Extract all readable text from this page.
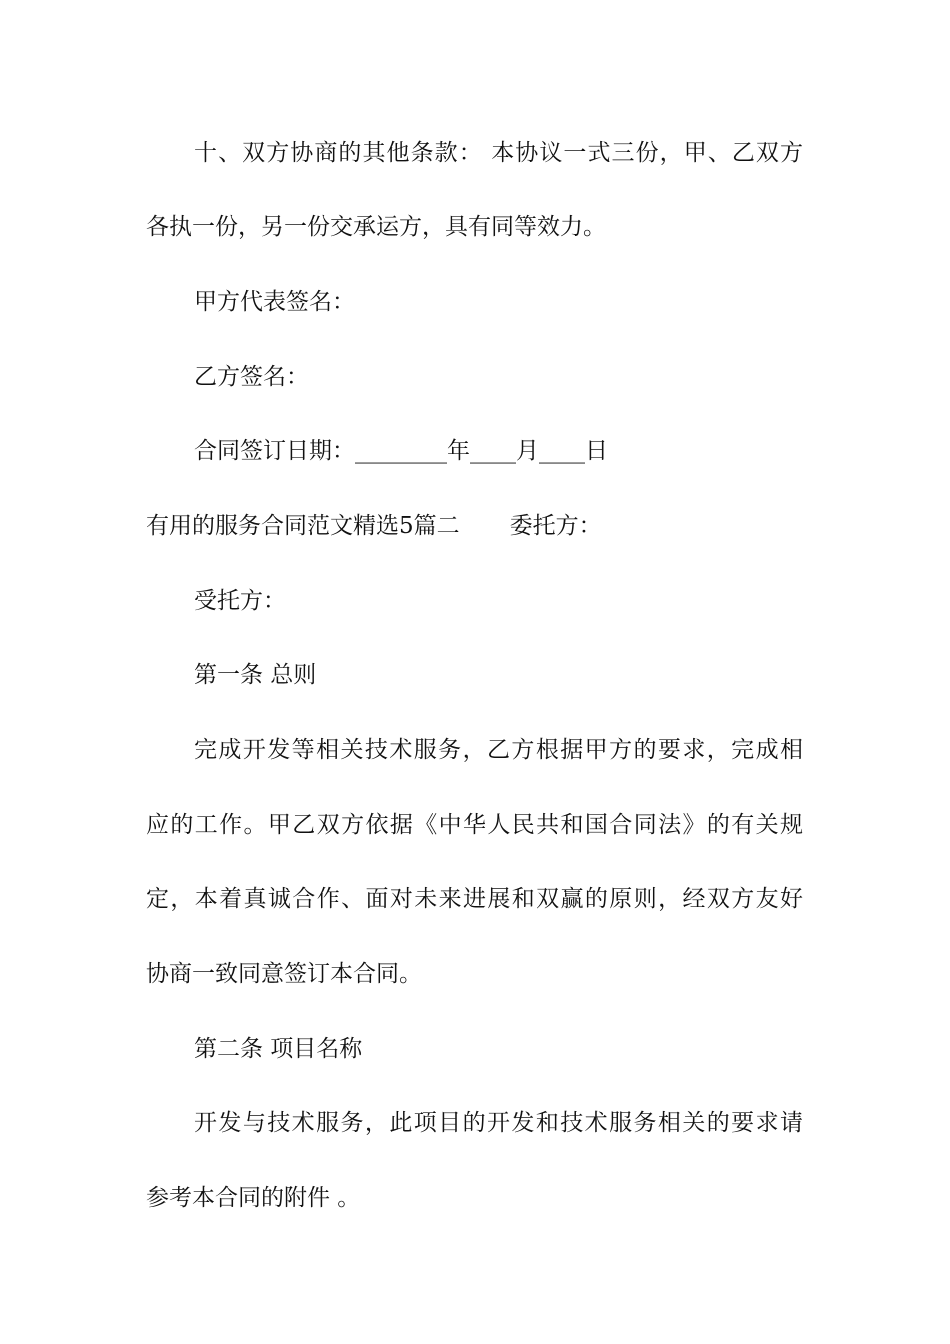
十、双方协商的其他条款： 本协议一式三份，甲、乙双方
各执一份，另一份交承运方，具有同等效力。
甲方代表签名：
乙方签名：
合同签订日期：________年____月____日
有用的服务合同范文精选5篇二 委托方：
受托方：
第一条 总则
完成开发等相关技术服务，乙方根据甲方的要求，完成相
应的工作。甲乙双方依据《中华人民共和国合同法》的有关规
定，本着真诚合作、面对未来进展和双赢的原则，经双方友好
协商一致同意签订本合同。
第二条 项目名称
开发与技术服务，此项目的开发和技术服务相关的要求请
参考本合同的附件 。
